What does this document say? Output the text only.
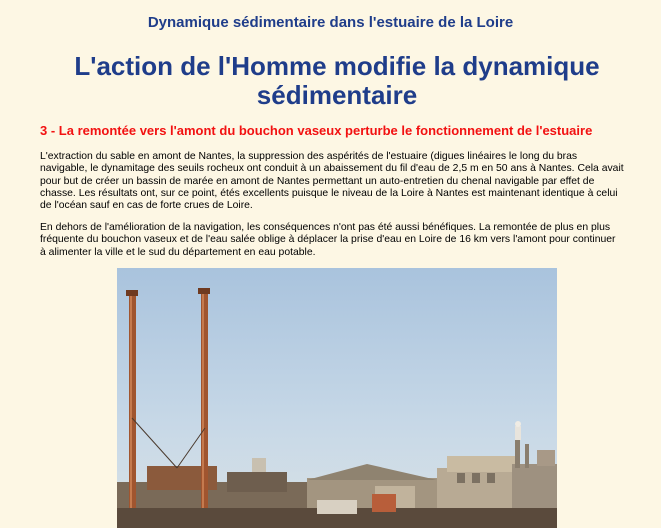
Dynamique sédimentaire dans l'estuaire de la Loire
L'action de l'Homme modifie la dynamique sédimentaire
3 - La remontée vers l'amont du bouchon vaseux perturbe le fonctionnement de l'estuaire

L'extraction du sable en amont de Nantes, la suppression des aspérités de l'estuaire (digues linéaires le long du bras navigable, le dynamitage des seuils rocheux ont conduit à un abaissement du fil d'eau de 2,5 m en 50 ans à Nantes. Cela avait pour but de créer un bassin de marée en amont de Nantes permettant un auto-entretien du chenal navigable par effet de chasse. Les résultats ont, sur ce point, étés excellents puisque le niveau de la Loire à Nantes est maintenant identique à celui de l'océan sauf en cas de forte crues de Loire.

En dehors de l'amélioration de la navigation, les conséquences n'ont pas été aussi bénéfiques. La remontée de plus en plus fréquente du bouchon vaseux et de l'eau salée oblige à déplacer la prise d'eau en Loire de 16 km vers l'amont pour continuer à alimenter la ville et le sud du département en eau potable.
